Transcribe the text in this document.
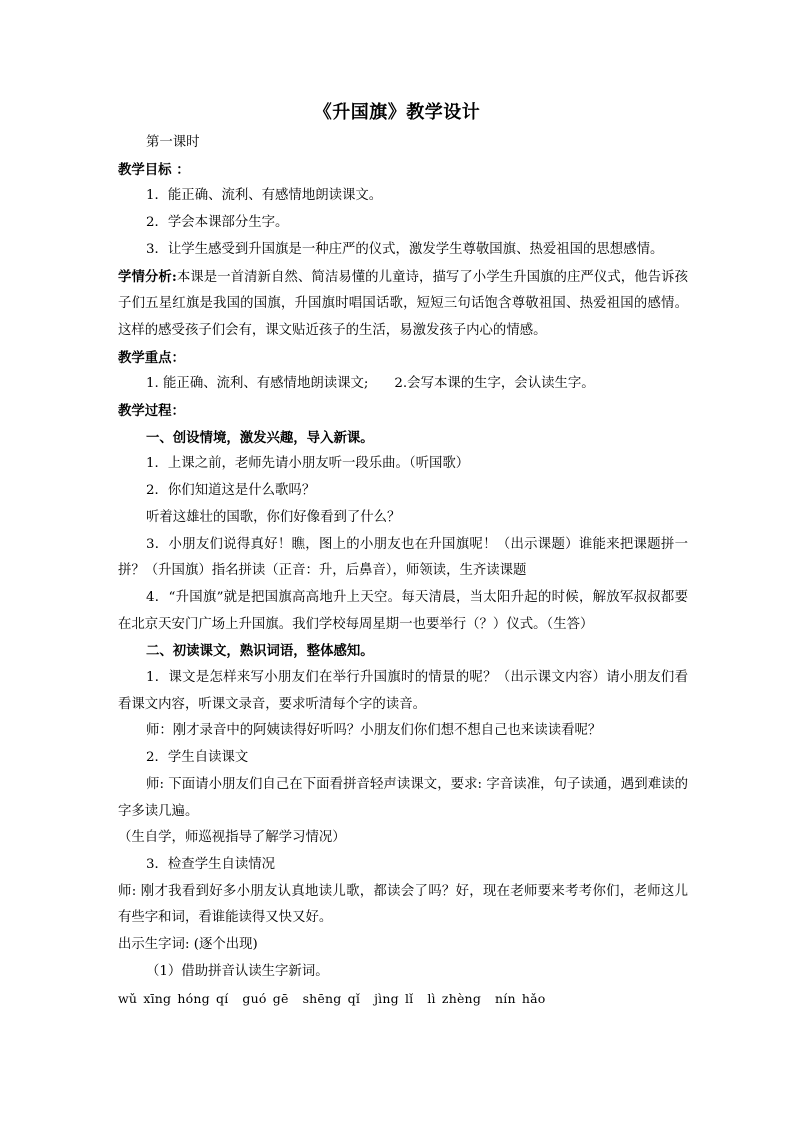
《升国旗》教学设计

第一课时

教学目标 ：

1．能正确、流利、有感情地朗读课文。

2．学会本课部分生字。

3．让学生感受到升国旗是一种庄严的仪式，激发学生尊敬国旗、热爱祖国的思想感情。

学情分析:本课是一首清新自然、简洁易懂的儿童诗，描写了小学生升国旗的庄严仪式，他告诉孩子们五星红旗是我国的国旗，升国旗时唱国话歌，短短三句话饱含尊敬祖国、热爱祖国的感情。这样的感受孩子们会有，课文贴近孩子的生活，易激发孩子内心的情感。

教学重点：

1. 能正确、流利、有感情地朗读课文; 2.会写本课的生字，会认读生字。

教学过程：

一、创设情境，激发兴趣，导入新课。

1．上课之前，老师先请小朋友听一段乐曲。（听国歌）

2．你们知道这是什么歌吗？

听着这雄壮的国歌，你们好像看到了什么？

3．小朋友们说得真好！瞧，图上的小朋友也在升国旗呢！（出示课题）谁能来把课题拼一拼？（升国旗）指名拼读（正音：升，后鼻音），师领读，生齐读课题

4．“升国旗”就是把国旗高高地升上天空。每天清晨，当太阳升起的时候，解放军叔叔都要在北京天安门广场上升国旗。我们学校每周星期一也要举行（？）仪式。（生答）

二、初读课文，熟识词语，整体感知。

1．课文是怎样来写小朋友们在举行升国旗时的情景的呢？（出示课文内容）请小朋友们看看课文内容，听课文录音，要求听清每个字的读音。

师：刚才录音中的阿姨读得好听吗？小朋友们你们想不想自己也来读读看呢？

2．学生自读课文

师: 下面请小朋友们自己在下面看拼音轻声读课文，要求: 字音读准，句子读通，遇到难读的字多读几遍。

（生自学，师巡视指导了解学习情况）

3．检查学生自读情况

师: 刚才我看到好多小朋友认真地读儿歌，都读会了吗？好，现在老师要来考考你们，老师这儿有些字和词，看谁能读得又快又好。

出示生字词: (逐个出现)

（1）借助拼音认读生字新词。

wǔ xīng hóng qí guó gē shēng qǐ jìng lǐ lì zhèng nín hǎo
